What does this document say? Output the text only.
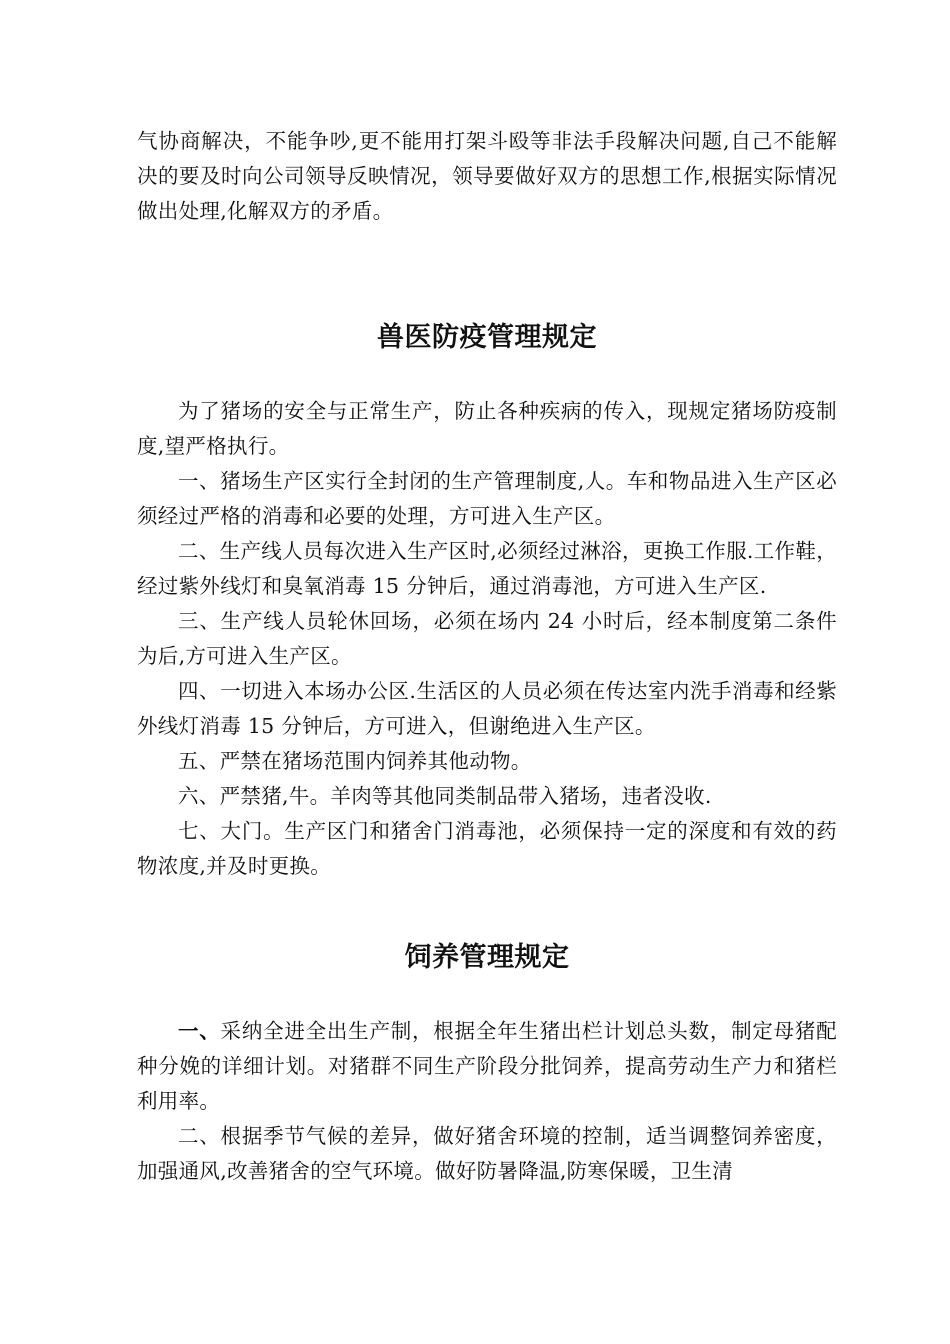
气协商解决，不能争吵,更不能用打架斗殴等非法手段解决问题,自己不能解决的要及时向公司领导反映情况，领导要做好双方的思想工作,根据实际情况做出处理,化解双方的矛盾。

兽医防疫管理规定

为了猪场的安全与正常生产，防止各种疾病的传入，现规定猪场防疫制度,望严格执行。

一、猪场生产区实行全封闭的生产管理制度,人。车和物品进入生产区必须经过严格的消毒和必要的处理，方可进入生产区。

二、生产线人员每次进入生产区时,必须经过淋浴，更换工作服.工作鞋，经过紫外线灯和臭氧消毒 15 分钟后，通过消毒池，方可进入生产区.

三、生产线人员轮休回场，必须在场内 24 小时后，经本制度第二条件为后,方可进入生产区。

四、一切进入本场办公区.生活区的人员必须在传达室内洗手消毒和经紫外线灯消毒 15 分钟后，方可进入，但谢绝进入生产区。

五、严禁在猪场范围内饲养其他动物。

六、严禁猪,牛。羊肉等其他同类制品带入猪场，违者没收.

七、大门。生产区门和猪舍门消毒池，必须保持一定的深度和有效的药物浓度,并及时更换。

饲养管理规定

一、采纳全进全出生产制，根据全年生猪出栏计划总头数，制定母猪配种分娩的详细计划。对猪群不同生产阶段分批饲养，提高劳动生产力和猪栏利用率。

二、根据季节气候的差异，做好猪舍环境的控制，适当调整饲养密度，加强通风,改善猪舍的空气环境。做好防暑降温,防寒保暖，卫生清
